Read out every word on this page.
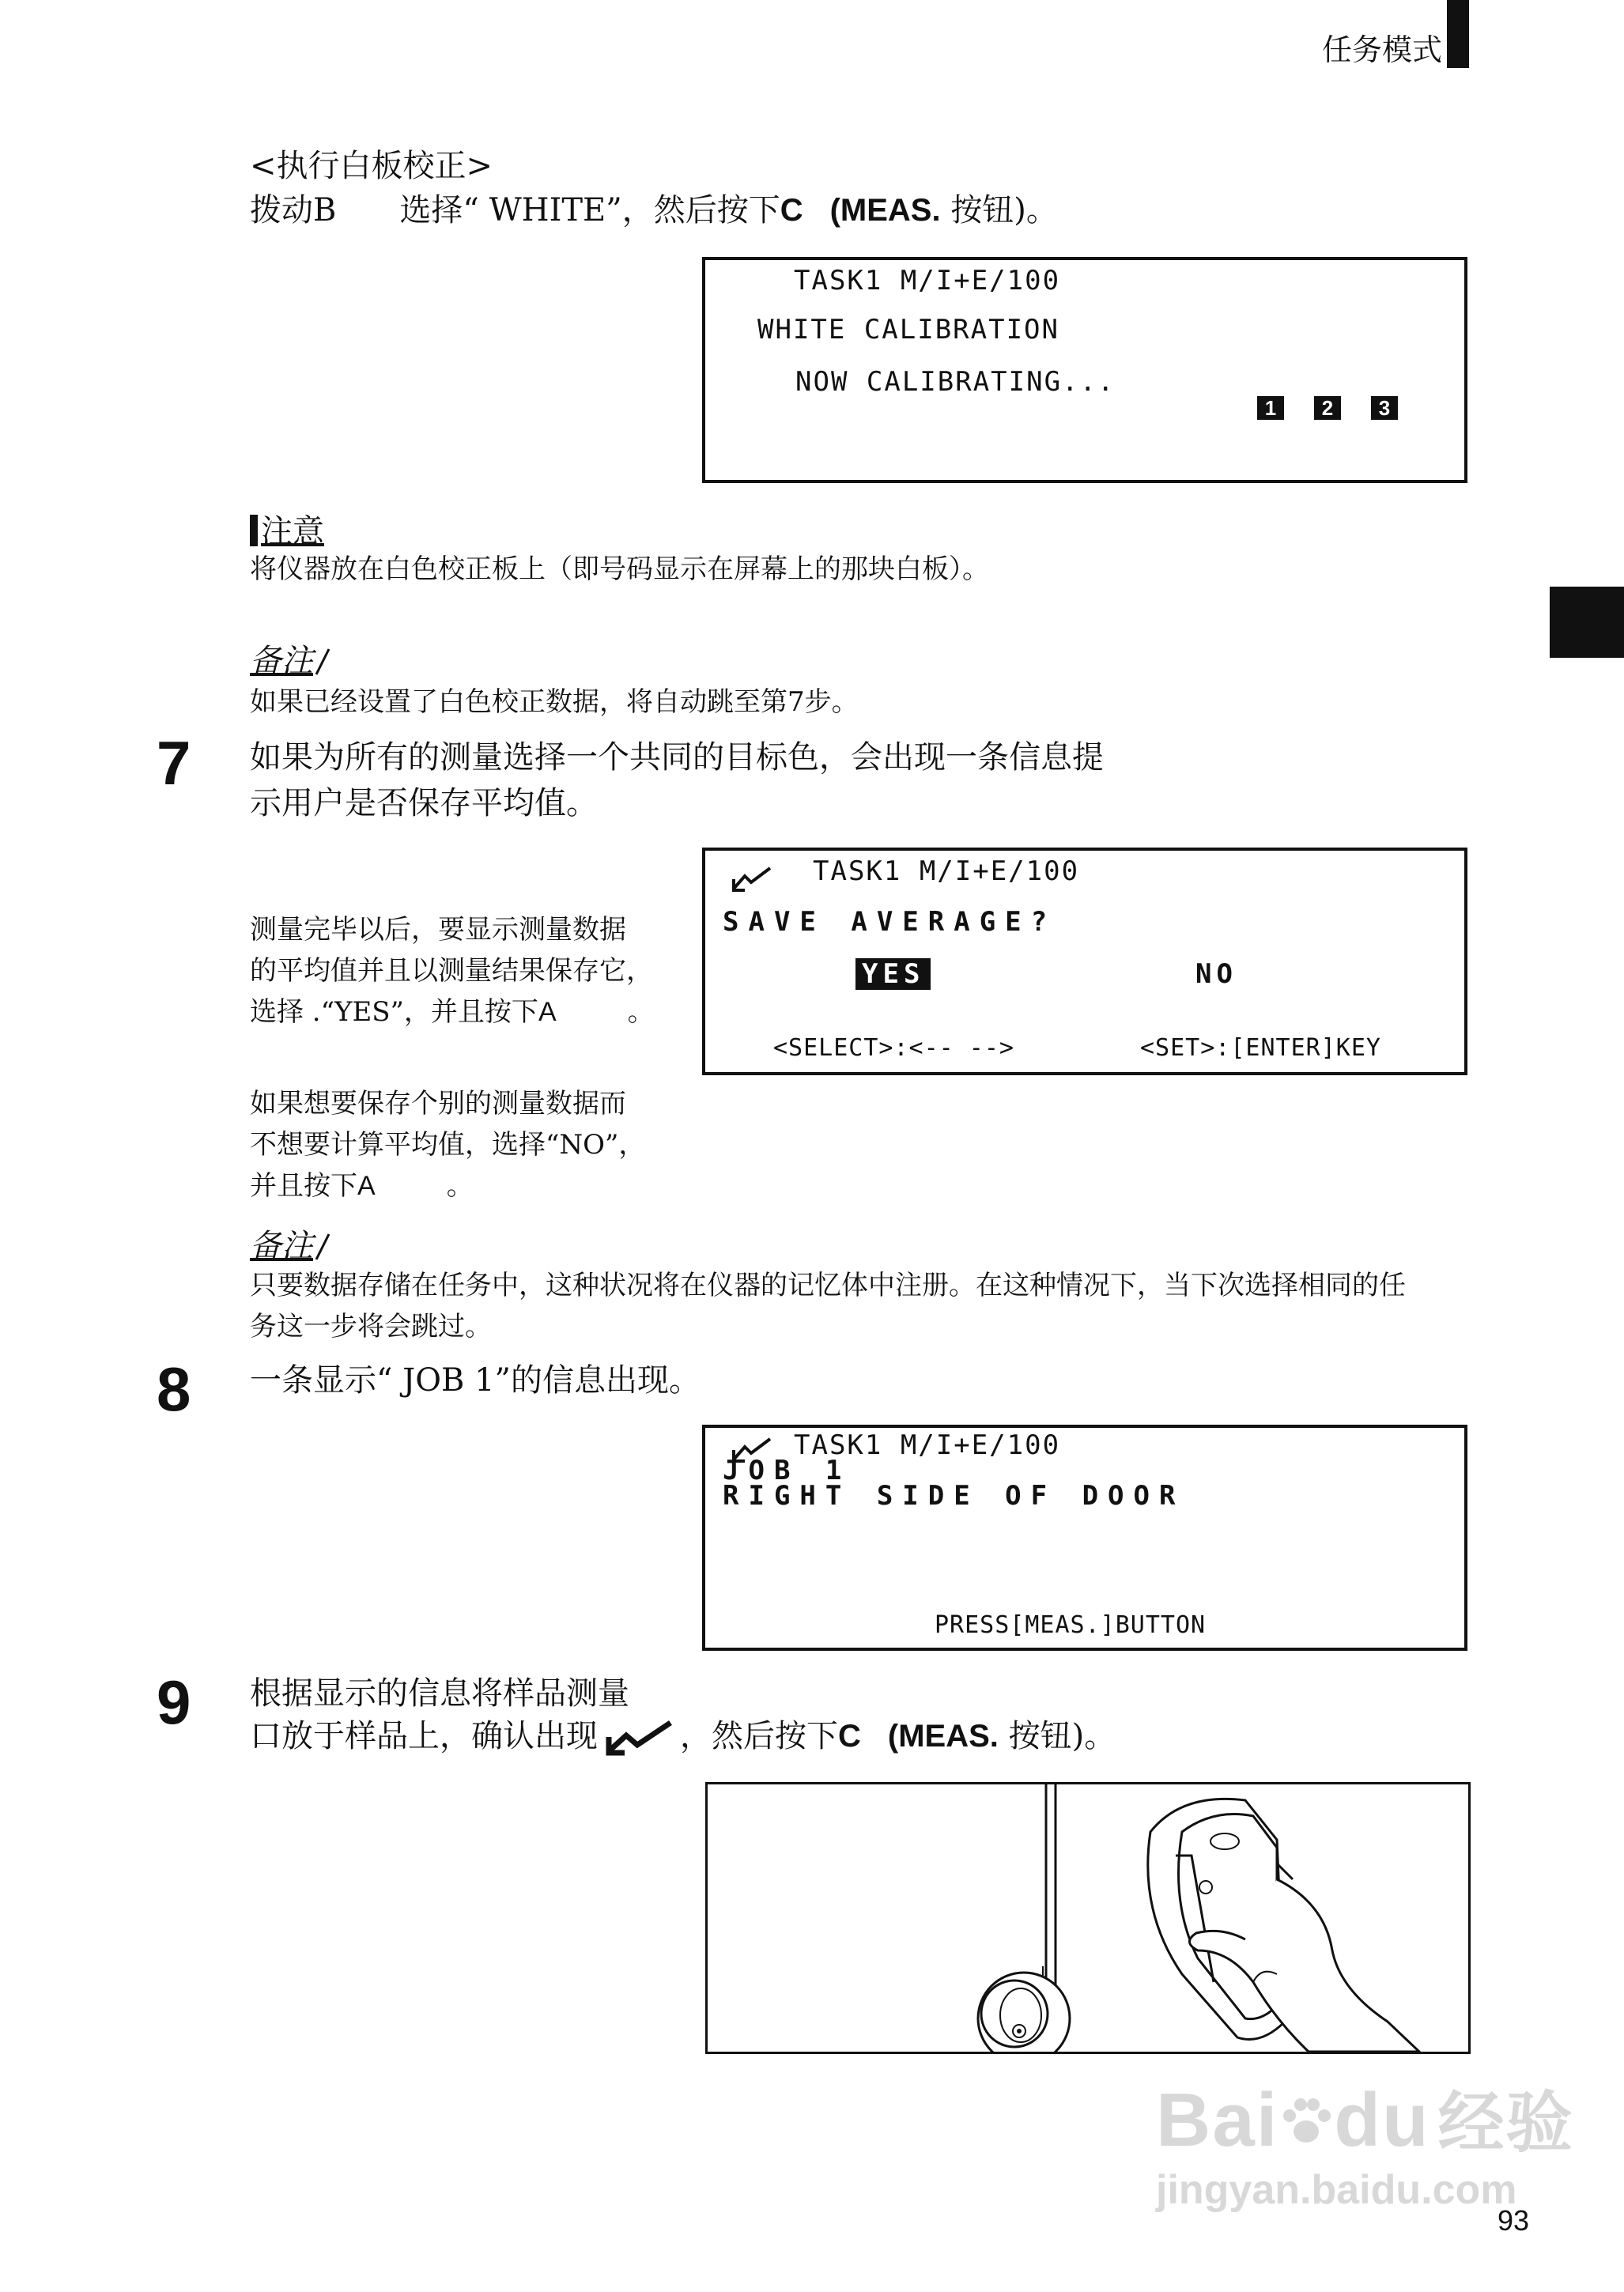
任务模式
<执行白板校正>
拨动B 选择“ WHITE”，然后按下C (MEAS. 按钮)。
TASK1 M/I+E/100
WHITE CALIBRATION
NOW CALIBRATING...
1 2 3
注意
将仪器放在白色校正板上（即号码显示在屏幕上的那块白板）。
备注
如果已经设置了白色校正数据，将自动跳至第7步。
7 如果为所有的测量选择一个共同的目标色，会出现一条信息提
示用户是否保存平均值。
测量完毕以后，要显示测量数据
的平均值并且以测量结果保存它，
选择 .“YES”，并且按下A	。
如果想要保存个别的测量数据而
不想要计算平均值，选择“NO”，
并且按下A	。
TASK1 M/I+E/100
SAVE AVERAGE?
YES	NO
<SELECT>:<-- -->	<SET>:[ENTER]KEY
备注
只要数据存储在任务中，这种状况将在仪器的记忆体中注册。在这种情况下，当下次选择相同的任
务这一步将会跳过。
8 一条显示“ JOB 1”的信息出现。
TASK1 M/I+E/100
JOB 1
RIGHT SIDE OF DOOR
PRESS[MEAS.]BUTTON
9 根据显示的信息将样品测量
口放于样品上，确认出现	，然后按下C (MEAS. 按钮)。
93
Bai du 经验
jingyan.baidu.com
